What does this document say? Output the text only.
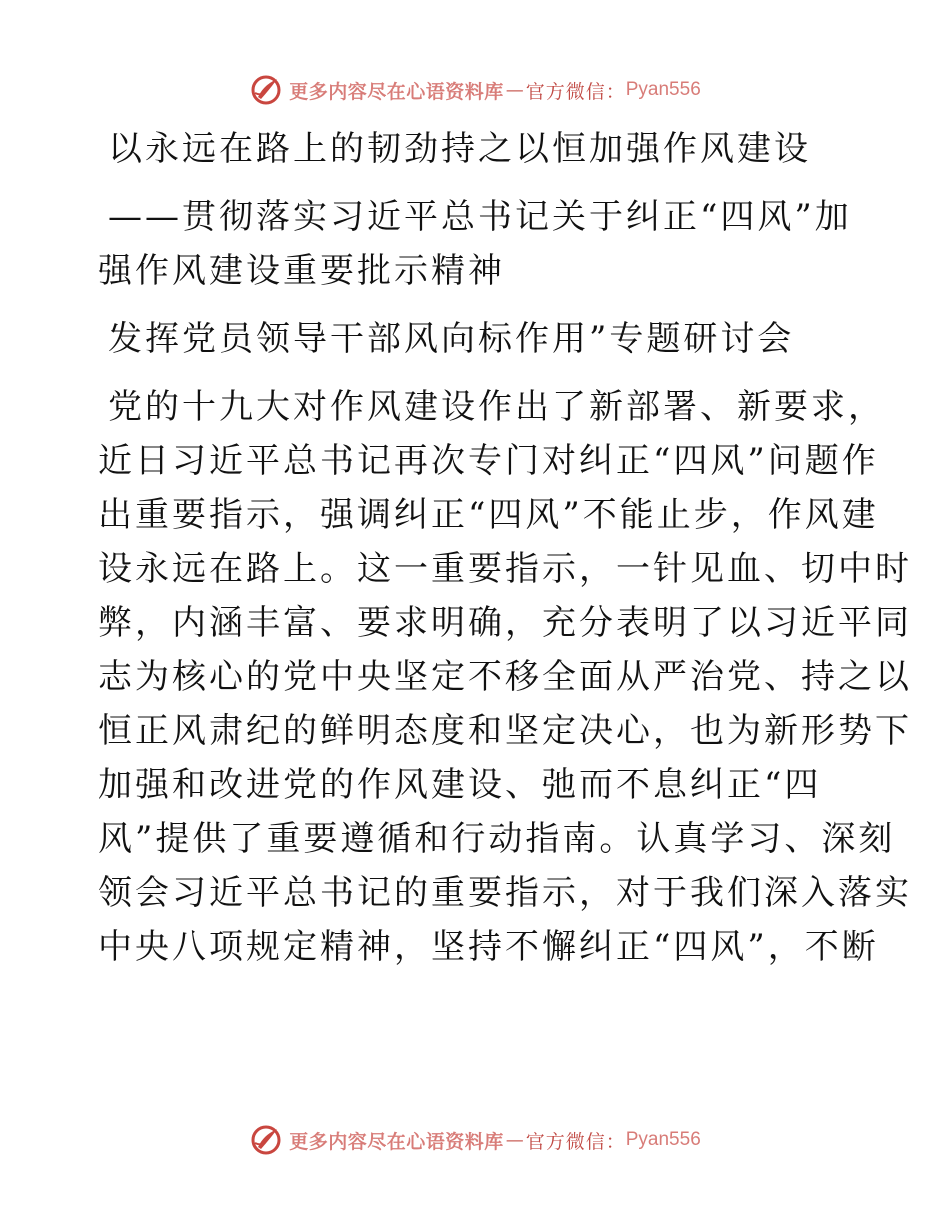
更多内容尽在心语资料库 — 官方微信： Pyan556
以永远在路上的韧劲持之以恒加强作风建设
——贯彻落实习近平总书记关于纠正“四风”加
强作风建设重要批示精神
发挥党员领导干部风向标作用”专题研讨会
党的十九大对作风建设作出了新部署、新要求，
近日习近平总书记再次专门对纠正“四风”问题作
出重要指示，强调纠正“四风”不能止步，作风建
设永远在路上。这一重要指示，一针见血、切中时
弊，内涵丰富、要求明确，充分表明了以习近平同
志为核心的党中央坚定不移全面从严治党、持之以
恒正风肃纪的鲜明态度和坚定决心，也为新形势下
加强和改进党的作风建设、弛而不息纠正“四
风”提供了重要遵循和行动指南。认真学习、深刻
领会习近平总书记的重要指示，对于我们深入落实
中央八项规定精神，坚持不懈纠正“四风”，不断
更多内容尽在心语资料库 — 官方微信： Pyan556
